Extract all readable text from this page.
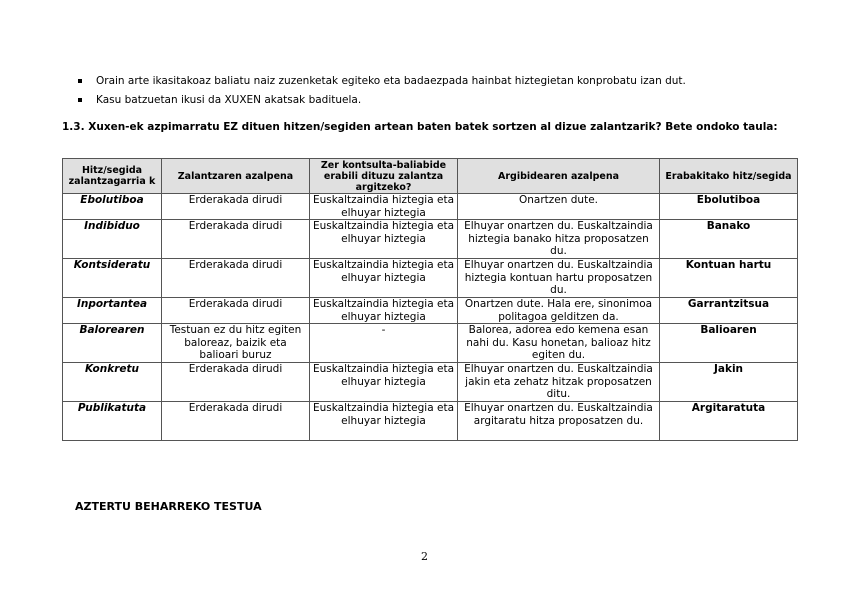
Orain arte ikasitakoaz baliatu naiz zuzenketak egiteko eta badaezpada hainbat hiztegietan konprobatu izan dut.
Kasu batzuetan ikusi da XUXEN akatsak badituela.
1.3. Xuxen-ek azpimarratu EZ dituen hitzen/segiden artean baten batek sortzen al dizue zalantzarik? Bete ondoko taula:
Hitz/segida zalantzagarria k	Zalantzaren azalpena	Zer kontsulta-baliabide erabili dituzu zalantza argitzeko?	Argibidearen azalpena	Erabakitako hitz/segida
Ebolutiboa	Erderakada dirudi	Euskaltzaindia hiztegia eta elhuyar hiztegia	Onartzen dute.	Ebolutiboa
Indibiduo	Erderakada dirudi	Euskaltzaindia hiztegia eta elhuyar hiztegia	Elhuyar onartzen du. Euskaltzaindia hiztegia banako hitza proposatzen du.	Banako
Kontsideratu	Erderakada dirudi	Euskaltzaindia hiztegia eta elhuyar hiztegia	Elhuyar onartzen du. Euskaltzaindia hiztegia kontuan hartu proposatzen du.	Kontuan hartu
Inportantea	Erderakada dirudi	Euskaltzaindia hiztegia eta elhuyar hiztegia	Onartzen dute. Hala ere, sinonimoa politagoa gelditzen da.	Garrantzitsua
Balorearen	Testuan ez du hitz egiten baloreaz, baizik eta balioari buruz	-	Balorea, adorea edo kemena esan nahi du. Kasu honetan, balioaz hitz egiten du.	Balioaren
Konkretu	Erderakada dirudi	Euskaltzaindia hiztegia eta elhuyar hiztegia	Elhuyar onartzen du. Euskaltzaindia jakin eta zehatz hitzak proposatzen ditu.	Jakin
Publikatuta	Erderakada dirudi	Euskaltzaindia hiztegia eta elhuyar hiztegia	Elhuyar onartzen du. Euskaltzaindia argitaratu hitza proposatzen du.	Argitaratuta
AZTERTU BEHARREKO TESTUA
2
